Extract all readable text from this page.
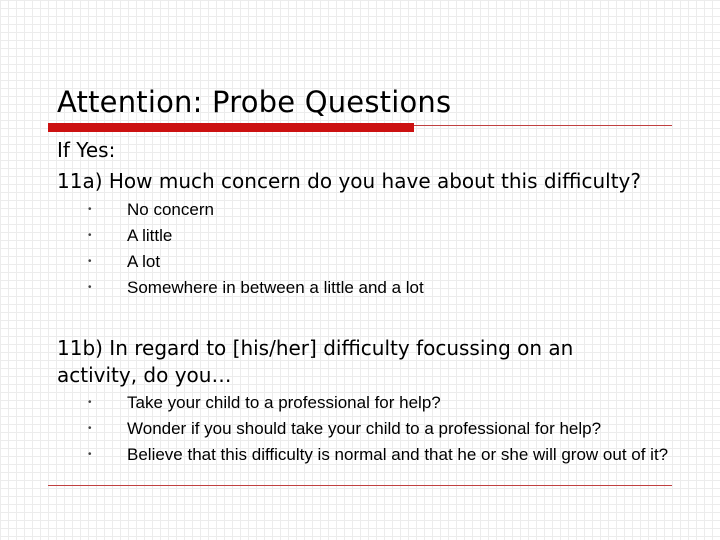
Attention: Probe Questions
If Yes:
11a) How much concern do you have about this difficulty?
• No concern
• A little
• A lot
• Somewhere in between a little and a lot
11b) In regard to [his/her] difficulty focussing on an
activity, do you…
• Take your child to a professional for help?
• Wonder if you should take your child to a professional for help?
• Believe that this difficulty is normal and that he or she will grow out of it?
